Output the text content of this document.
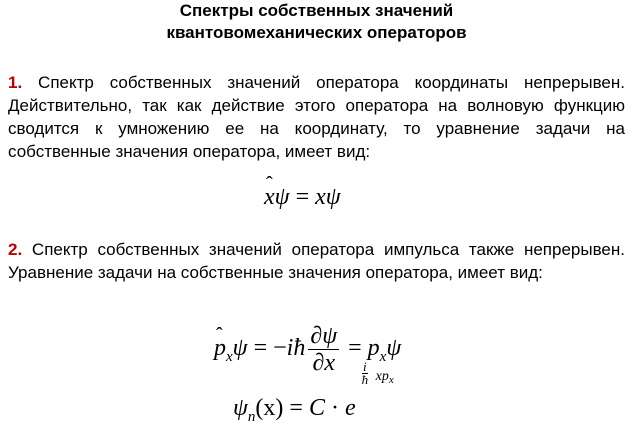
Спектры собственных значений
квантовомеханических операторов
1. Спектр собственных значений оператора координаты непрерывен. Действительно, так как действие этого оператора на волновую функцию сводится к умножению ее на координату, то уравнение задачи на собственные значения оператора, имеет вид:
ˆ xψ = xψ
2. Спектр собственных значений оператора импульса также непрерывен. Уравнение задачи на собственные значения оператора, имеет вид:
ˆ $p_x\psi$ = −iħ $\frac{\partial\psi}{\partial x} = p_x\psi$
$\psi_n(x) = C \cdot e$
$\frac{i}{ħ} xp_x$
